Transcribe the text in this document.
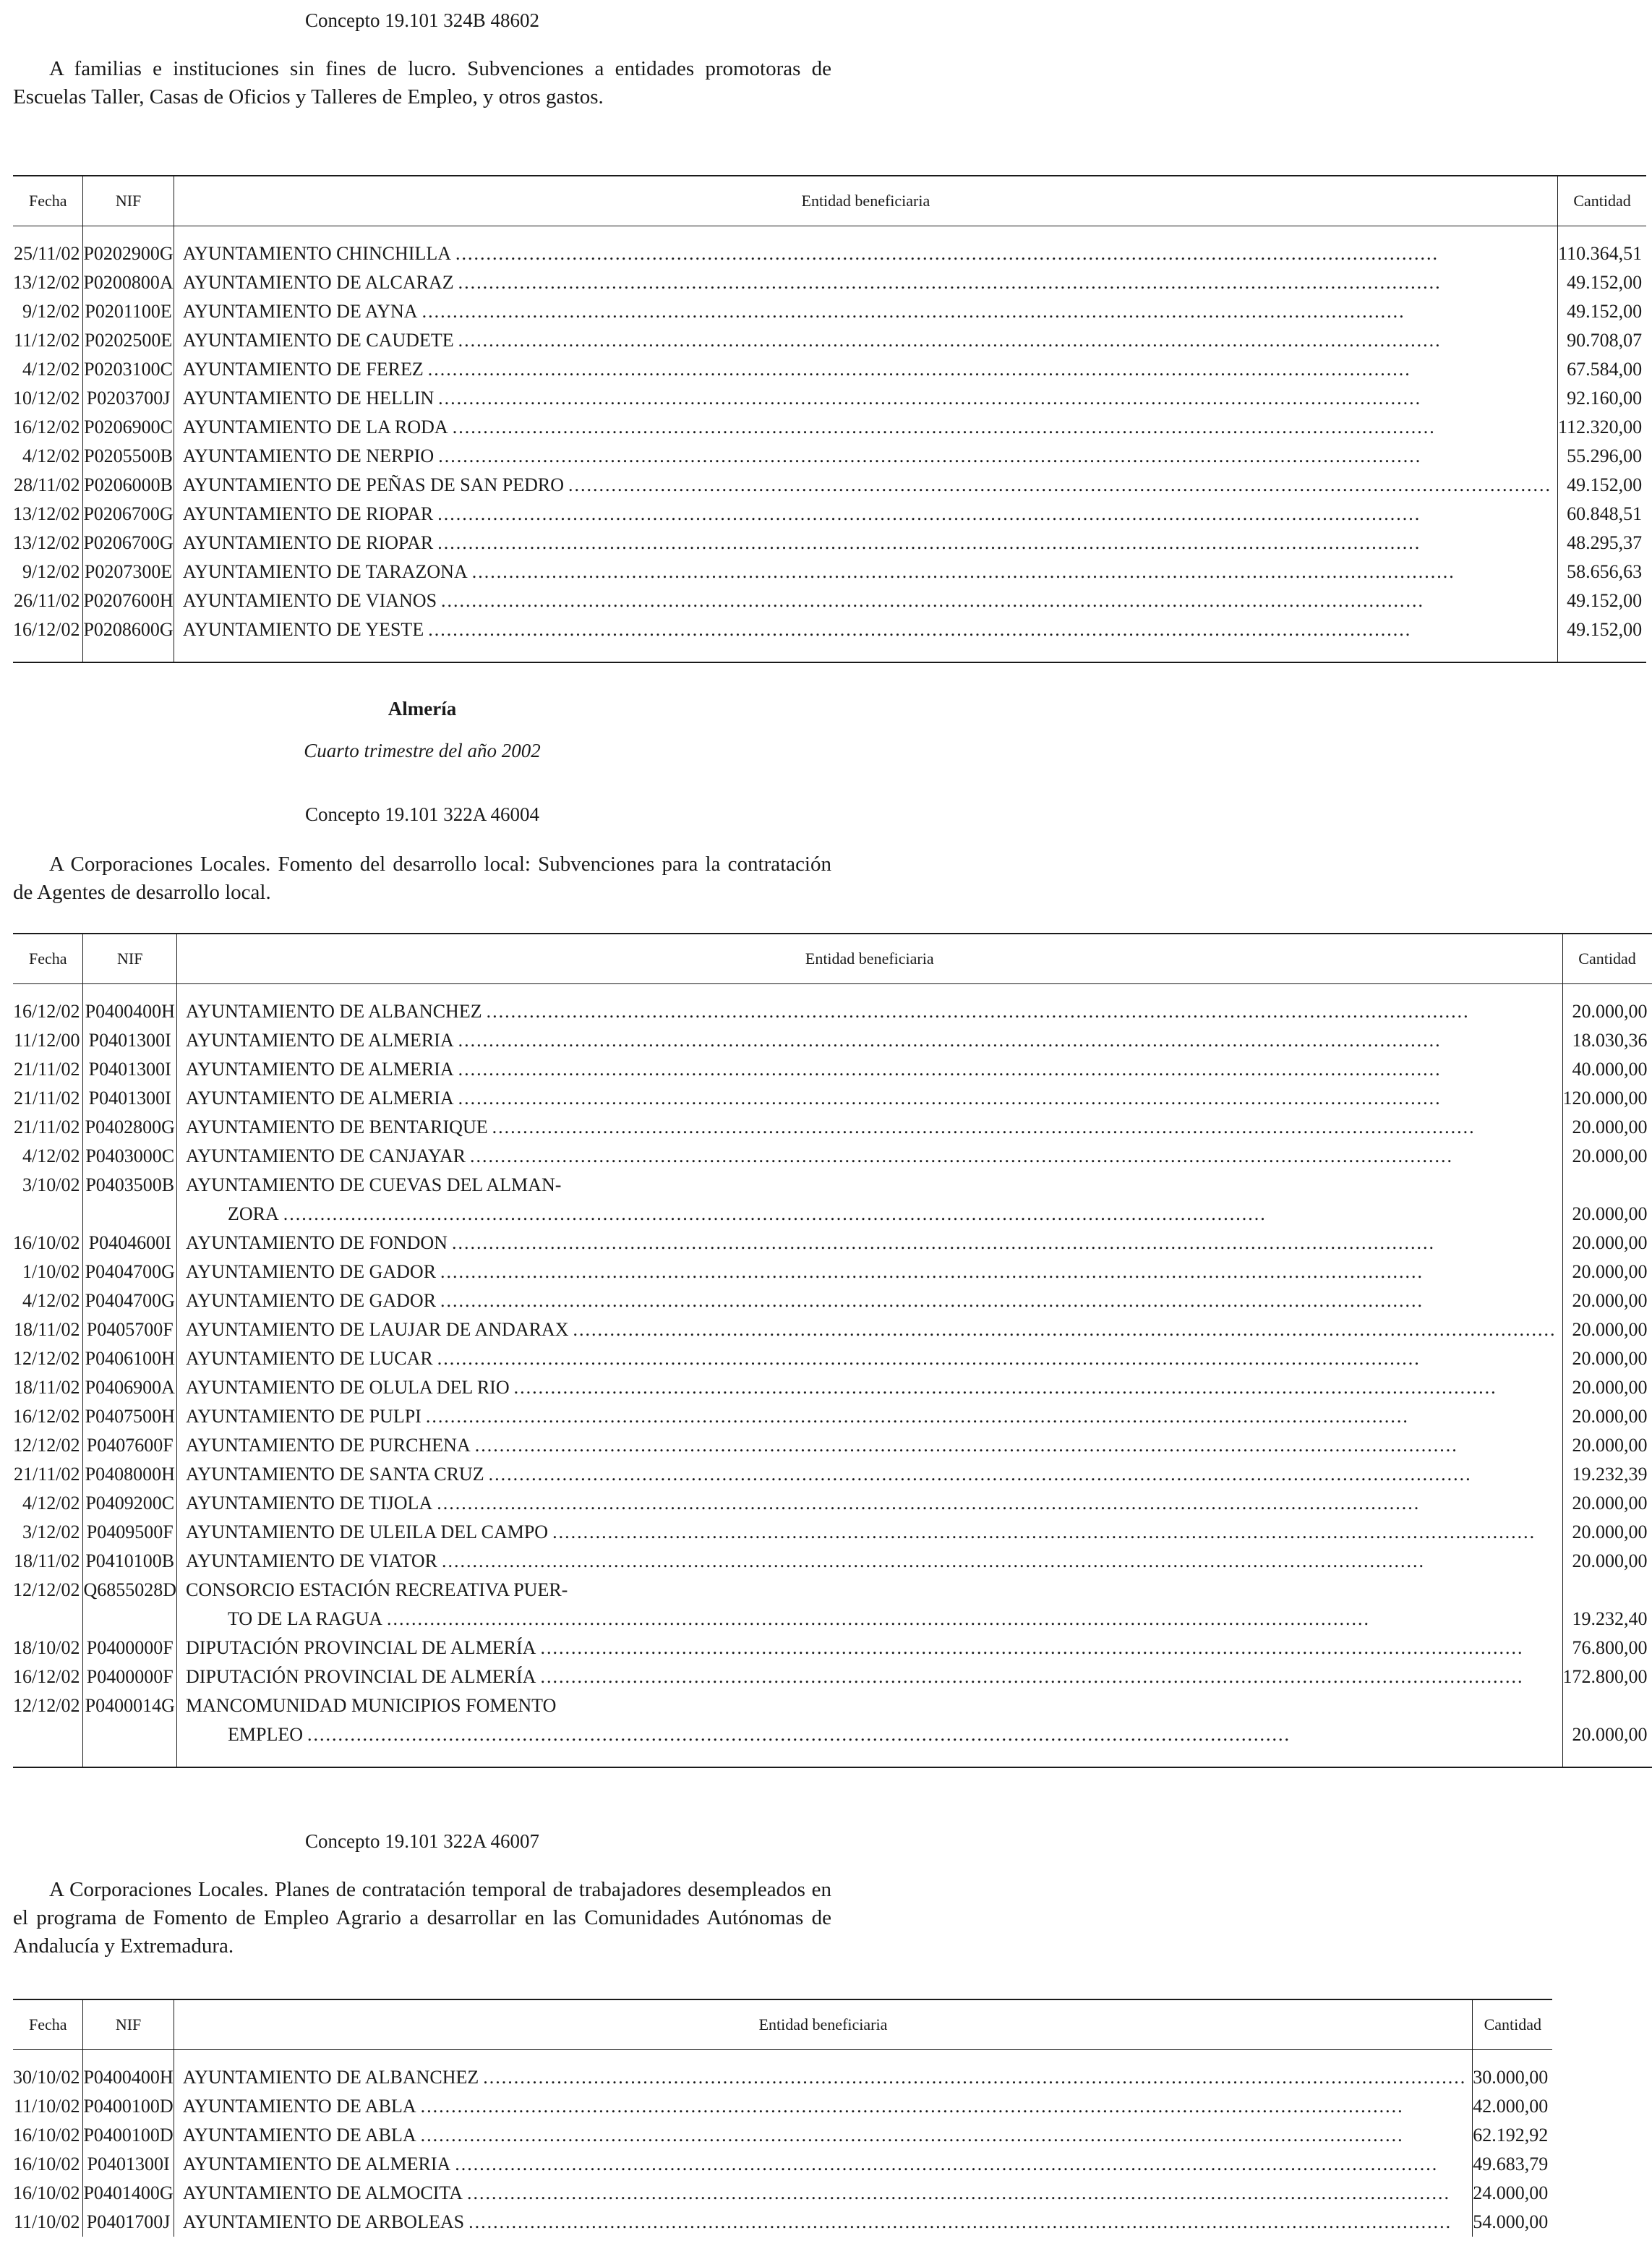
Concepto 19.101 324B 48602

A familias e instituciones sin fines de lucro. Subvenciones a entidades promotoras de Escuelas Taller, Casas de Oficios y Talleres de Empleo, y otros gastos.

Fecha	NIF	Entidad beneficiaria	Cantidad

25/11/02	P0202900G	AYUNTAMIENTO CHINCHILLA ................................................................................................................................................................	110.364,51
13/12/02	P0200800A	AYUNTAMIENTO DE ALCARAZ ................................................................................................................................................................	49.152,00
9/12/02	P0201100E	AYUNTAMIENTO DE AYNA ................................................................................................................................................................	49.152,00
11/12/02	P0202500E	AYUNTAMIENTO DE CAUDETE ................................................................................................................................................................	90.708,07
4/12/02	P0203100C	AYUNTAMIENTO DE FEREZ ................................................................................................................................................................	67.584,00
10/12/02	P0203700J	AYUNTAMIENTO DE HELLIN ................................................................................................................................................................	92.160,00
16/12/02	P0206900C	AYUNTAMIENTO DE LA RODA ................................................................................................................................................................	112.320,00
4/12/02	P0205500B	AYUNTAMIENTO DE NERPIO ................................................................................................................................................................	55.296,00
28/11/02	P0206000B	AYUNTAMIENTO DE PEÑAS DE SAN PEDRO ................................................................................................................................................................	49.152,00
13/12/02	P0206700G	AYUNTAMIENTO DE RIOPAR ................................................................................................................................................................	60.848,51
13/12/02	P0206700G	AYUNTAMIENTO DE RIOPAR ................................................................................................................................................................	48.295,37
9/12/02	P0207300E	AYUNTAMIENTO DE TARAZONA ................................................................................................................................................................	58.656,63
26/11/02	P0207600H	AYUNTAMIENTO DE VIANOS ................................................................................................................................................................	49.152,00
16/12/02	P0208600G	AYUNTAMIENTO DE YESTE ................................................................................................................................................................	49.152,00

Almería
Cuarto trimestre del año 2002
Concepto 19.101 322A 46004

A Corporaciones Locales. Fomento del desarrollo local: Subvenciones para la contratación de Agentes de desarrollo local.

Fecha	NIF	Entidad beneficiaria	Cantidad

16/12/02	P0400400H	AYUNTAMIENTO DE ALBANCHEZ ................................................................................................................................................................	20.000,00
11/12/00	P0401300I	AYUNTAMIENTO DE ALMERIA ................................................................................................................................................................	18.030,36
21/11/02	P0401300I	AYUNTAMIENTO DE ALMERIA ................................................................................................................................................................	40.000,00
21/11/02	P0401300I	AYUNTAMIENTO DE ALMERIA ................................................................................................................................................................	120.000,00
21/11/02	P0402800G	AYUNTAMIENTO DE BENTARIQUE ................................................................................................................................................................	20.000,00
4/12/02	P0403000C	AYUNTAMIENTO DE CANJAYAR ................................................................................................................................................................	20.000,00
3/10/02	P0403500B	AYUNTAMIENTO DE CUEVAS DEL ALMAN-	

		ZORA ................................................................................................................................................................	20.000,00
16/10/02	P0404600I	AYUNTAMIENTO DE FONDON ................................................................................................................................................................	20.000,00
1/10/02	P0404700G	AYUNTAMIENTO DE GADOR ................................................................................................................................................................	20.000,00
4/12/02	P0404700G	AYUNTAMIENTO DE GADOR ................................................................................................................................................................	20.000,00
18/11/02	P0405700F	AYUNTAMIENTO DE LAUJAR DE ANDARAX ................................................................................................................................................................	20.000,00
12/12/02	P0406100H	AYUNTAMIENTO DE LUCAR ................................................................................................................................................................	20.000,00
18/11/02	P0406900A	AYUNTAMIENTO DE OLULA DEL RIO ................................................................................................................................................................	20.000,00
16/12/02	P0407500H	AYUNTAMIENTO DE PULPI ................................................................................................................................................................	20.000,00
12/12/02	P0407600F	AYUNTAMIENTO DE PURCHENA ................................................................................................................................................................	20.000,00
21/11/02	P0408000H	AYUNTAMIENTO DE SANTA CRUZ ................................................................................................................................................................	19.232,39
4/12/02	P0409200C	AYUNTAMIENTO DE TIJOLA ................................................................................................................................................................	20.000,00
3/12/02	P0409500F	AYUNTAMIENTO DE ULEILA DEL CAMPO ................................................................................................................................................................	20.000,00
18/11/02	P0410100B	AYUNTAMIENTO DE VIATOR ................................................................................................................................................................	20.000,00
12/12/02	Q6855028D	CONSORCIO ESTACIÓN RECREATIVA PUER-	

		TO DE LA RAGUA ................................................................................................................................................................	19.232,40
18/10/02	P0400000F	DIPUTACIÓN PROVINCIAL DE ALMERÍA ................................................................................................................................................................	76.800,00
16/12/02	P0400000F	DIPUTACIÓN PROVINCIAL DE ALMERÍA ................................................................................................................................................................	172.800,00
12/12/02	P0400014G	MANCOMUNIDAD MUNICIPIOS FOMENTO	

		EMPLEO ................................................................................................................................................................	20.000,00

Concepto 19.101 322A 46007

A Corporaciones Locales. Planes de contratación temporal de trabajadores desempleados en el programa de Fomento de Empleo Agrario a desarrollar en las Comunidades Autónomas de Andalucía y Extremadura.

Fecha	NIF	Entidad beneficiaria	Cantidad

30/10/02	P0400400H	AYUNTAMIENTO DE ALBANCHEZ ................................................................................................................................................................	30.000,00
11/10/02	P0400100D	AYUNTAMIENTO DE ABLA ................................................................................................................................................................	42.000,00
16/10/02	P0400100D	AYUNTAMIENTO DE ABLA ................................................................................................................................................................	62.192,92
16/10/02	P0401300I	AYUNTAMIENTO DE ALMERIA ................................................................................................................................................................	49.683,79
16/10/02	P0401400G	AYUNTAMIENTO DE ALMOCITA ................................................................................................................................................................	24.000,00
11/10/02	P0401700J	AYUNTAMIENTO DE ARBOLEAS ................................................................................................................................................................	54.000,00
